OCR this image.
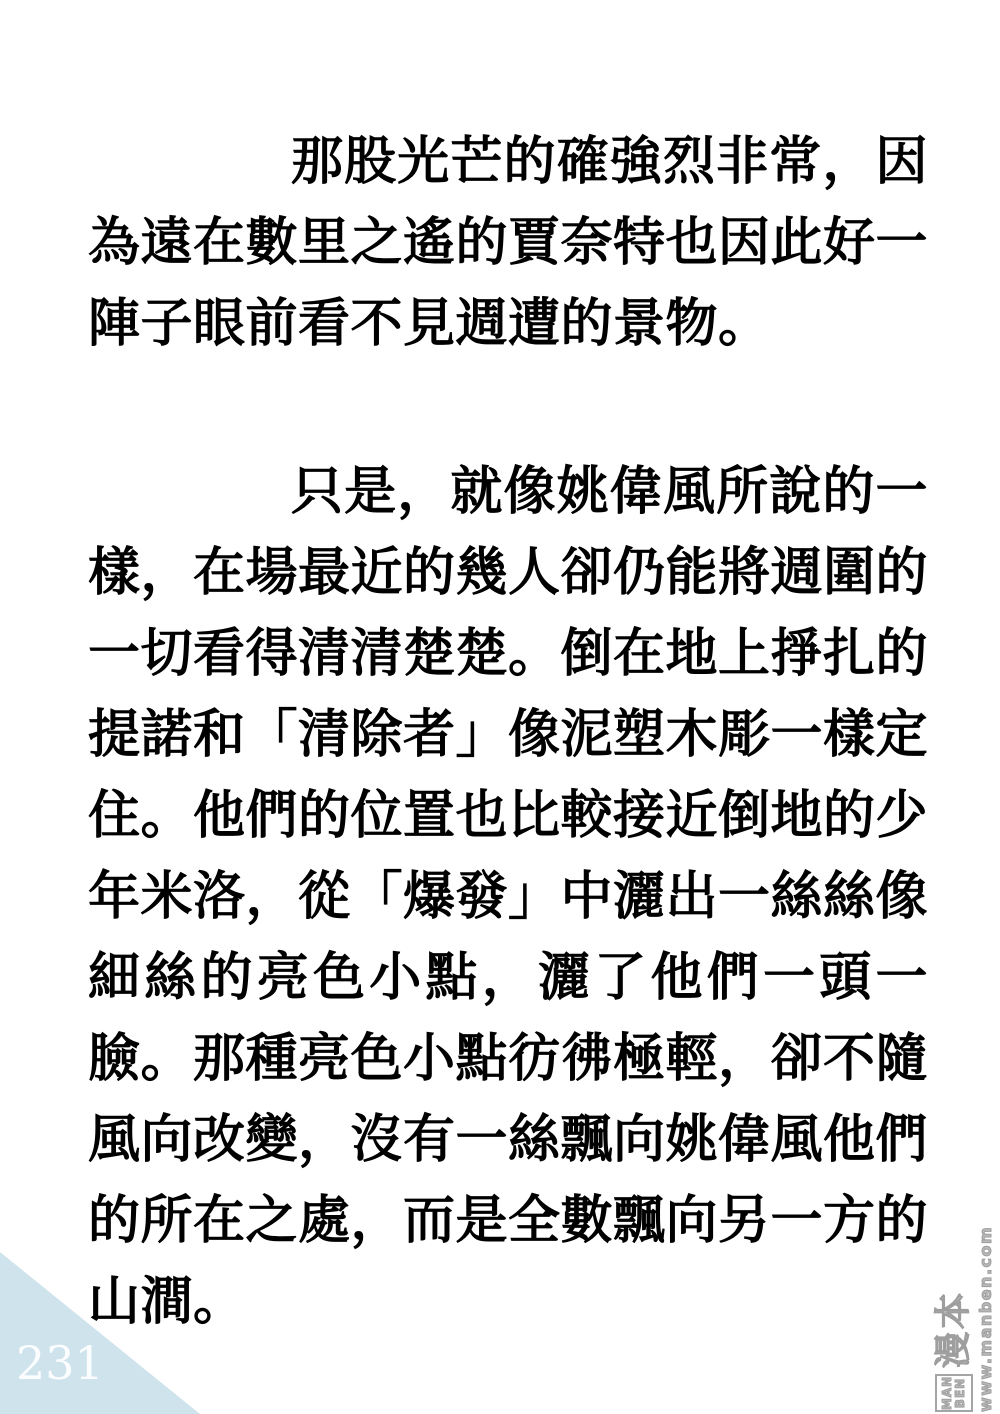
那股光芒的確強烈非常，因為遠在數里之遙的賈奈特也因此好一陣子眼前看不見週遭的景物。

只是，就像姚偉風所說的一樣，在場最近的幾人卻仍能將週圍的一切看得清清楚楚。倒在地上掙扎的提諾和「清除者」像泥塑木彫一樣定住。他們的位置也比較接近倒地的少年米洛，從「爆發」中灑出一絲絲像細絲的亮色小點，灑了他們一頭一臉。那種亮色小點彷彿極輕，卻不隨風向改變，沒有一絲飄向姚偉風他們的所在之處，而是全數飄向另一方的山澗。

231
MAN BEN
漫本 www.manben.com
